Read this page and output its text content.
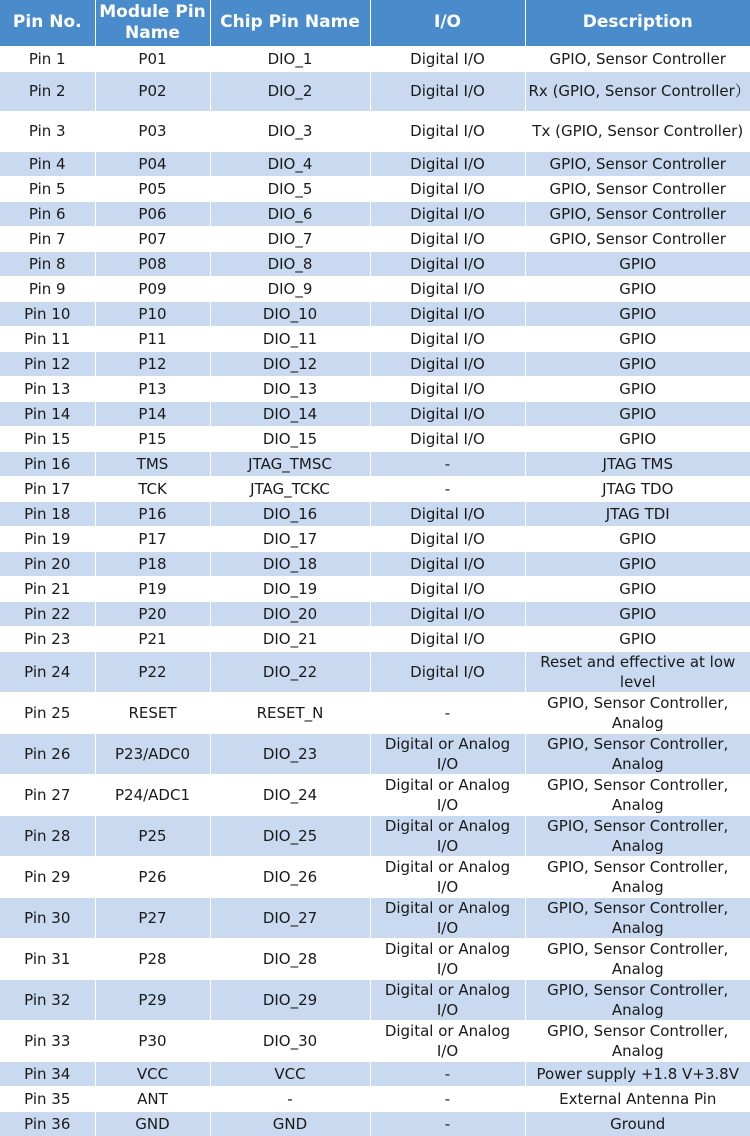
Pin No.	Module Pin Name	Chip Pin Name	I/O	Description
Pin 1	P01	DIO_1	Digital I/O	GPIO, Sensor Controller
Pin 2	P02	DIO_2	Digital I/O	Rx (GPIO, Sensor Controller）
Pin 3	P03	DIO_3	Digital I/O	Tx (GPIO, Sensor Controller)
Pin 4	P04	DIO_4	Digital I/O	GPIO, Sensor Controller
Pin 5	P05	DIO_5	Digital I/O	GPIO, Sensor Controller
Pin 6	P06	DIO_6	Digital I/O	GPIO, Sensor Controller
Pin 7	P07	DIO_7	Digital I/O	GPIO, Sensor Controller
Pin 8	P08	DIO_8	Digital I/O	GPIO
Pin 9	P09	DIO_9	Digital I/O	GPIO
Pin 10	P10	DIO_10	Digital I/O	GPIO
Pin 11	P11	DIO_11	Digital I/O	GPIO
Pin 12	P12	DIO_12	Digital I/O	GPIO
Pin 13	P13	DIO_13	Digital I/O	GPIO
Pin 14	P14	DIO_14	Digital I/O	GPIO
Pin 15	P15	DIO_15	Digital I/O	GPIO
Pin 16	TMS	JTAG_TMSC	-	JTAG TMS
Pin 17	TCK	JTAG_TCKC	-	JTAG TDO
Pin 18	P16	DIO_16	Digital I/O	JTAG TDI
Pin 19	P17	DIO_17	Digital I/O	GPIO
Pin 20	P18	DIO_18	Digital I/O	GPIO
Pin 21	P19	DIO_19	Digital I/O	GPIO
Pin 22	P20	DIO_20	Digital I/O	GPIO
Pin 23	P21	DIO_21	Digital I/O	GPIO
Pin 24	P22	DIO_22	Digital I/O	Reset and effective at low level
Pin 25	RESET	RESET_N	-	GPIO, Sensor Controller, Analog
Pin 26	P23/ADC0	DIO_23	Digital or Analog I/O	GPIO, Sensor Controller, Analog
Pin 27	P24/ADC1	DIO_24	Digital or Analog I/O	GPIO, Sensor Controller, Analog
Pin 28	P25	DIO_25	Digital or Analog I/O	GPIO, Sensor Controller, Analog
Pin 29	P26	DIO_26	Digital or Analog I/O	GPIO, Sensor Controller, Analog
Pin 30	P27	DIO_27	Digital or Analog I/O	GPIO, Sensor Controller, Analog
Pin 31	P28	DIO_28	Digital or Analog I/O	GPIO, Sensor Controller, Analog
Pin 32	P29	DIO_29	Digital or Analog I/O	GPIO, Sensor Controller, Analog
Pin 33	P30	DIO_30	Digital or Analog I/O	GPIO, Sensor Controller, Analog
Pin 34	VCC	VCC	-	Power supply +1.8 V+3.8V
Pin 35	ANT	-	-	External Antenna Pin
Pin 36	GND	GND	-	Ground
